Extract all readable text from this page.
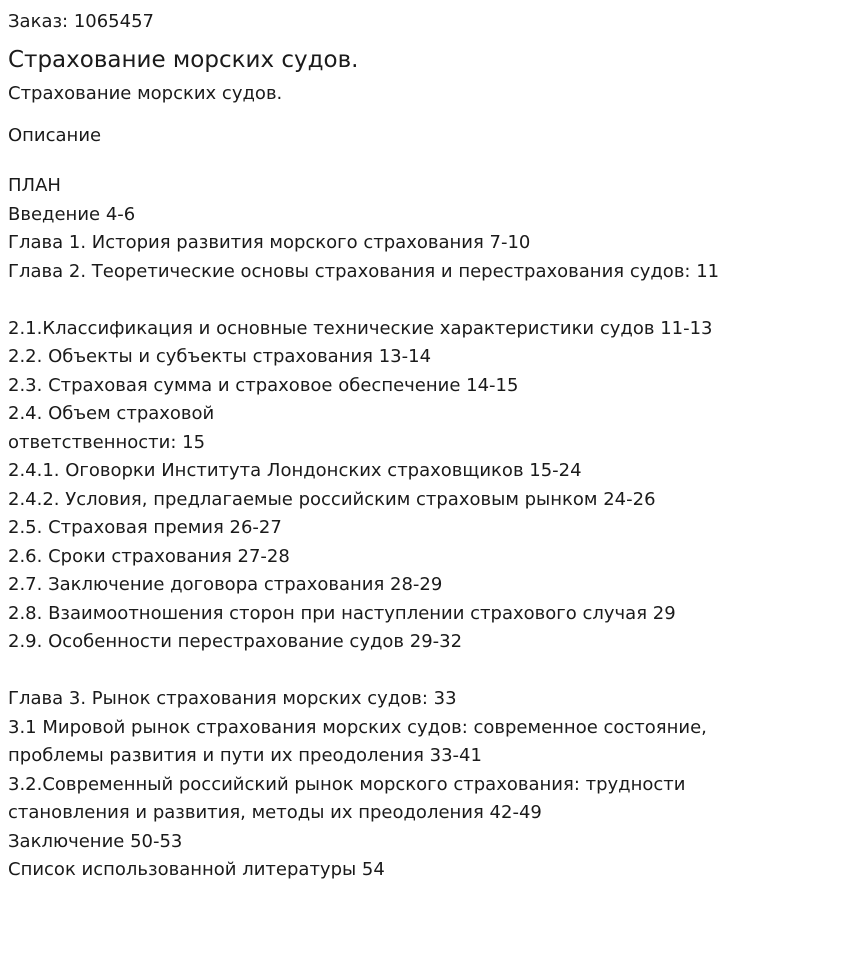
Заказ: 1065457

Страхование морских судов.

Страхование морских судов.

Описание

ПЛАН
Введение 4-6
Глава 1. История развития морского страхования 7-10
Глава 2. Теоретические основы страхования и перестрахования судов: 11
2.1.Классификация и основные технические характеристики судов 11-13
2.2. Объекты и субъекты страхования 13-14
2.3. Страховая сумма и страховое обеспечение 14-15
2.4. Объем страховой
ответственности: 15
2.4.1. Оговорки Института Лондонских страховщиков 15-24
2.4.2. Условия, предлагаемые российским страховым рынком 24-26
2.5. Страховая премия 26-27
2.6. Сроки страхования 27-28
2.7. Заключение договора страхования 28-29
2.8. Взаимоотношения сторон при наступлении страхового случая 29
2.9. Особенности перестрахование судов 29-32
Глава 3. Рынок страхования морских судов: 33
3.1 Мировой рынок страхования морских судов: современное состояние,
проблемы развития и пути их преодоления 33-41
3.2.Современный российский рынок морского страхования: трудности
становления и развития, методы их преодоления 42-49
Заключение 50-53
Список использованной литературы 54
